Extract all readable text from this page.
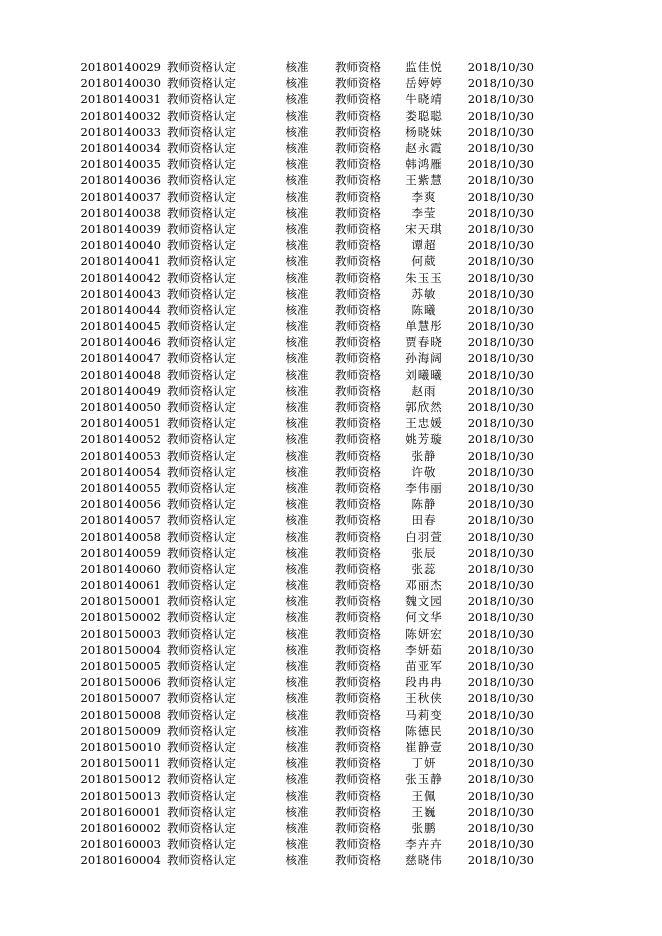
20180140029	教师资格认定	核准	教师资格	监佳悦	2018/10/30
20180140030	教师资格认定	核准	教师资格	岳婷婷	2018/10/30
20180140031	教师资格认定	核准	教师资格	牛晓靖	2018/10/30
20180140032	教师资格认定	核准	教师资格	娄聪聪	2018/10/30
20180140033	教师资格认定	核准	教师资格	杨晓妹	2018/10/30
20180140034	教师资格认定	核准	教师资格	赵永霞	2018/10/30
20180140035	教师资格认定	核准	教师资格	韩鸿雁	2018/10/30
20180140036	教师资格认定	核准	教师资格	王紫慧	2018/10/30
20180140037	教师资格认定	核准	教师资格	李爽	2018/10/30
20180140038	教师资格认定	核准	教师资格	李莹	2018/10/30
20180140039	教师资格认定	核准	教师资格	宋天琪	2018/10/30
20180140040	教师资格认定	核准	教师资格	谭超	2018/10/30
20180140041	教师资格认定	核准	教师资格	何葳	2018/10/30
20180140042	教师资格认定	核准	教师资格	朱玉玉	2018/10/30
20180140043	教师资格认定	核准	教师资格	苏敏	2018/10/30
20180140044	教师资格认定	核准	教师资格	陈曦	2018/10/30
20180140045	教师资格认定	核准	教师资格	单慧彤	2018/10/30
20180140046	教师资格认定	核准	教师资格	贾春晓	2018/10/30
20180140047	教师资格认定	核准	教师资格	孙海阔	2018/10/30
20180140048	教师资格认定	核准	教师资格	刘曦曦	2018/10/30
20180140049	教师资格认定	核准	教师资格	赵雨	2018/10/30
20180140050	教师资格认定	核准	教师资格	郭欣然	2018/10/30
20180140051	教师资格认定	核准	教师资格	王忠媛	2018/10/30
20180140052	教师资格认定	核准	教师资格	姚芳璇	2018/10/30
20180140053	教师资格认定	核准	教师资格	张静	2018/10/30
20180140054	教师资格认定	核准	教师资格	许敬	2018/10/30
20180140055	教师资格认定	核准	教师资格	李伟丽	2018/10/30
20180140056	教师资格认定	核准	教师资格	陈静	2018/10/30
20180140057	教师资格认定	核准	教师资格	田春	2018/10/30
20180140058	教师资格认定	核准	教师资格	白羽萱	2018/10/30
20180140059	教师资格认定	核准	教师资格	张辰	2018/10/30
20180140060	教师资格认定	核准	教师资格	张蕊	2018/10/30
20180140061	教师资格认定	核准	教师资格	邓丽杰	2018/10/30
20180150001	教师资格认定	核准	教师资格	魏文园	2018/10/30
20180150002	教师资格认定	核准	教师资格	何文华	2018/10/30
20180150003	教师资格认定	核准	教师资格	陈妍宏	2018/10/30
20180150004	教师资格认定	核准	教师资格	李妍茹	2018/10/30
20180150005	教师资格认定	核准	教师资格	苗亚军	2018/10/30
20180150006	教师资格认定	核准	教师资格	段冉冉	2018/10/30
20180150007	教师资格认定	核准	教师资格	王秋侠	2018/10/30
20180150008	教师资格认定	核准	教师资格	马莉变	2018/10/30
20180150009	教师资格认定	核准	教师资格	陈德民	2018/10/30
20180150010	教师资格认定	核准	教师资格	崔静壹	2018/10/30
20180150011	教师资格认定	核准	教师资格	丁妍	2018/10/30
20180150012	教师资格认定	核准	教师资格	张玉静	2018/10/30
20180150013	教师资格认定	核准	教师资格	王佩	2018/10/30
20180160001	教师资格认定	核准	教师资格	王巍	2018/10/30
20180160002	教师资格认定	核准	教师资格	张鹏	2018/10/30
20180160003	教师资格认定	核准	教师资格	李卉卉	2018/10/30
20180160004	教师资格认定	核准	教师资格	慈晓伟	2018/10/30
